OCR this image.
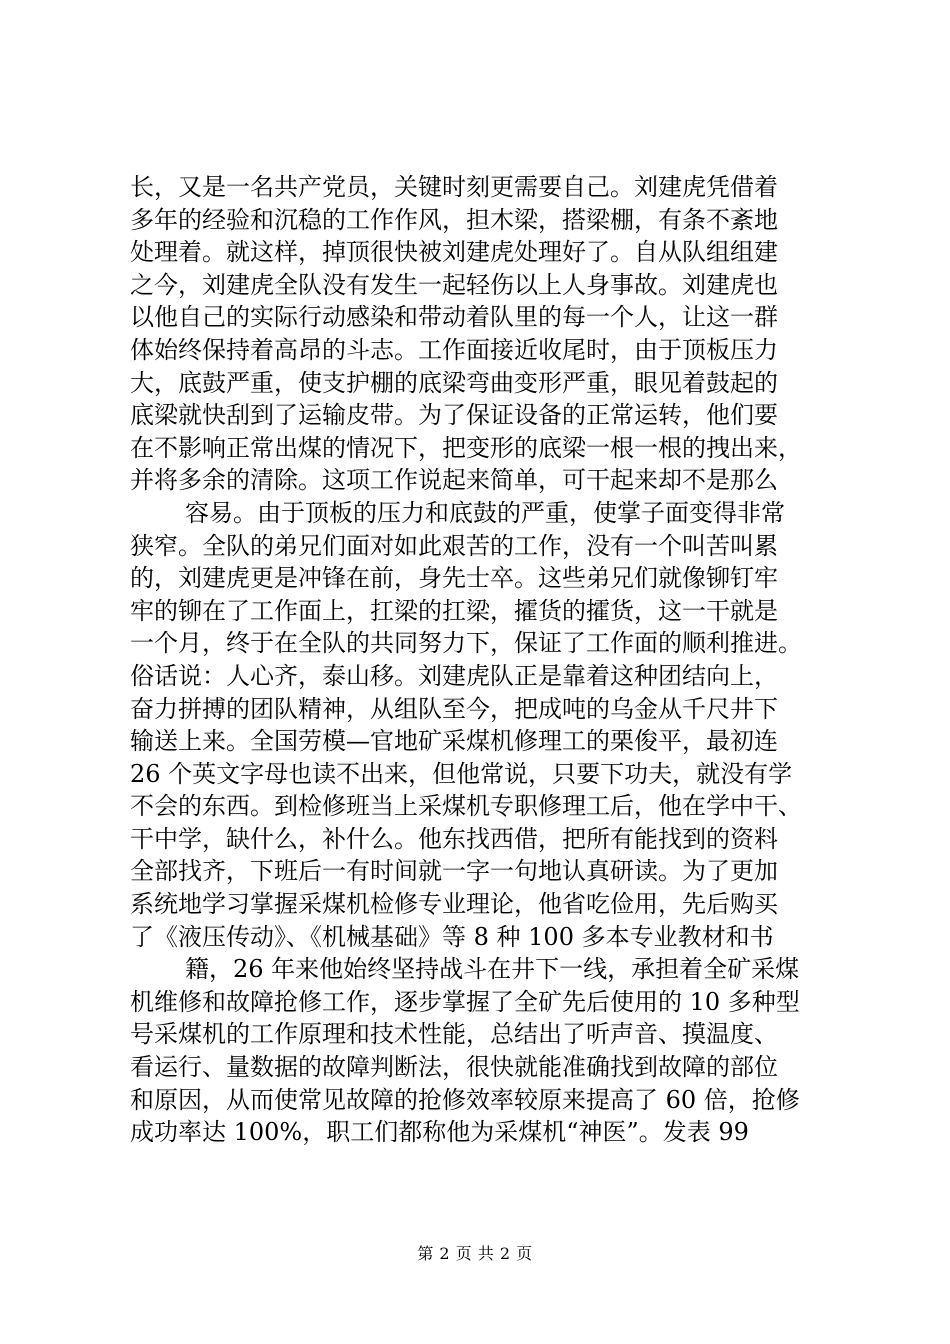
长，又是一名共产党员，关键时刻更需要自己。刘建虎凭借着
多年的经验和沉稳的工作作风，担木梁，搭梁棚，有条不紊地
处理着。就这样，掉顶很快被刘建虎处理好了。自从队组组建
之今，刘建虎全队没有发生一起轻伤以上人身事故。刘建虎也
以他自己的实际行动感染和带动着队里的每一个人，让这一群
体始终保持着高昂的斗志。工作面接近收尾时，由于顶板压力
大，底鼓严重，使支护棚的底梁弯曲变形严重，眼见着鼓起的
底梁就快刮到了运输皮带。为了保证设备的正常运转，他们要
在不影响正常出煤的情况下，把变形的底梁一根一根的拽出来，
并将多余的清除。这项工作说起来简单，可干起来却不是那么
容易。由于顶板的压力和底鼓的严重，使掌子面变得非常
狭窄。全队的弟兄们面对如此艰苦的工作，没有一个叫苦叫累
的，刘建虎更是冲锋在前，身先士卒。这些弟兄们就像铆钉牢
牢的铆在了工作面上，扛梁的扛梁，攉货的攉货，这一干就是
一个月，终于在全队的共同努力下，保证了工作面的顺利推进。
俗话说：人心齐，泰山移。刘建虎队正是靠着这种团结向上，
奋力拼搏的团队精神，从组队至今，把成吨的乌金从千尺井下
输送上来。全国劳模—官地矿采煤机修理工的栗俊平，最初连
26 个英文字母也读不出来，但他常说，只要下功夫，就没有学
不会的东西。到检修班当上采煤机专职修理工后，他在学中干、
干中学，缺什么，补什么。他东找西借，把所有能找到的资料
全部找齐，下班后一有时间就一字一句地认真研读。为了更加
系统地学习掌握采煤机检修专业理论，他省吃俭用，先后购买
了《液压传动》、《机械基础》等 8 种 100 多本专业教材和书
籍，26 年来他始终坚持战斗在井下一线，承担着全矿采煤
机维修和故障抢修工作，逐步掌握了全矿先后使用的 10 多种型
号采煤机的工作原理和技术性能，总结出了听声音、摸温度、
看运行、量数据的故障判断法，很快就能准确找到故障的部位
和原因，从而使常见故障的抢修效率较原来提高了 60 倍，抢修
成功率达 100%，职工们都称他为采煤机“神医”。发表 99
第 2 页 共 2 页
